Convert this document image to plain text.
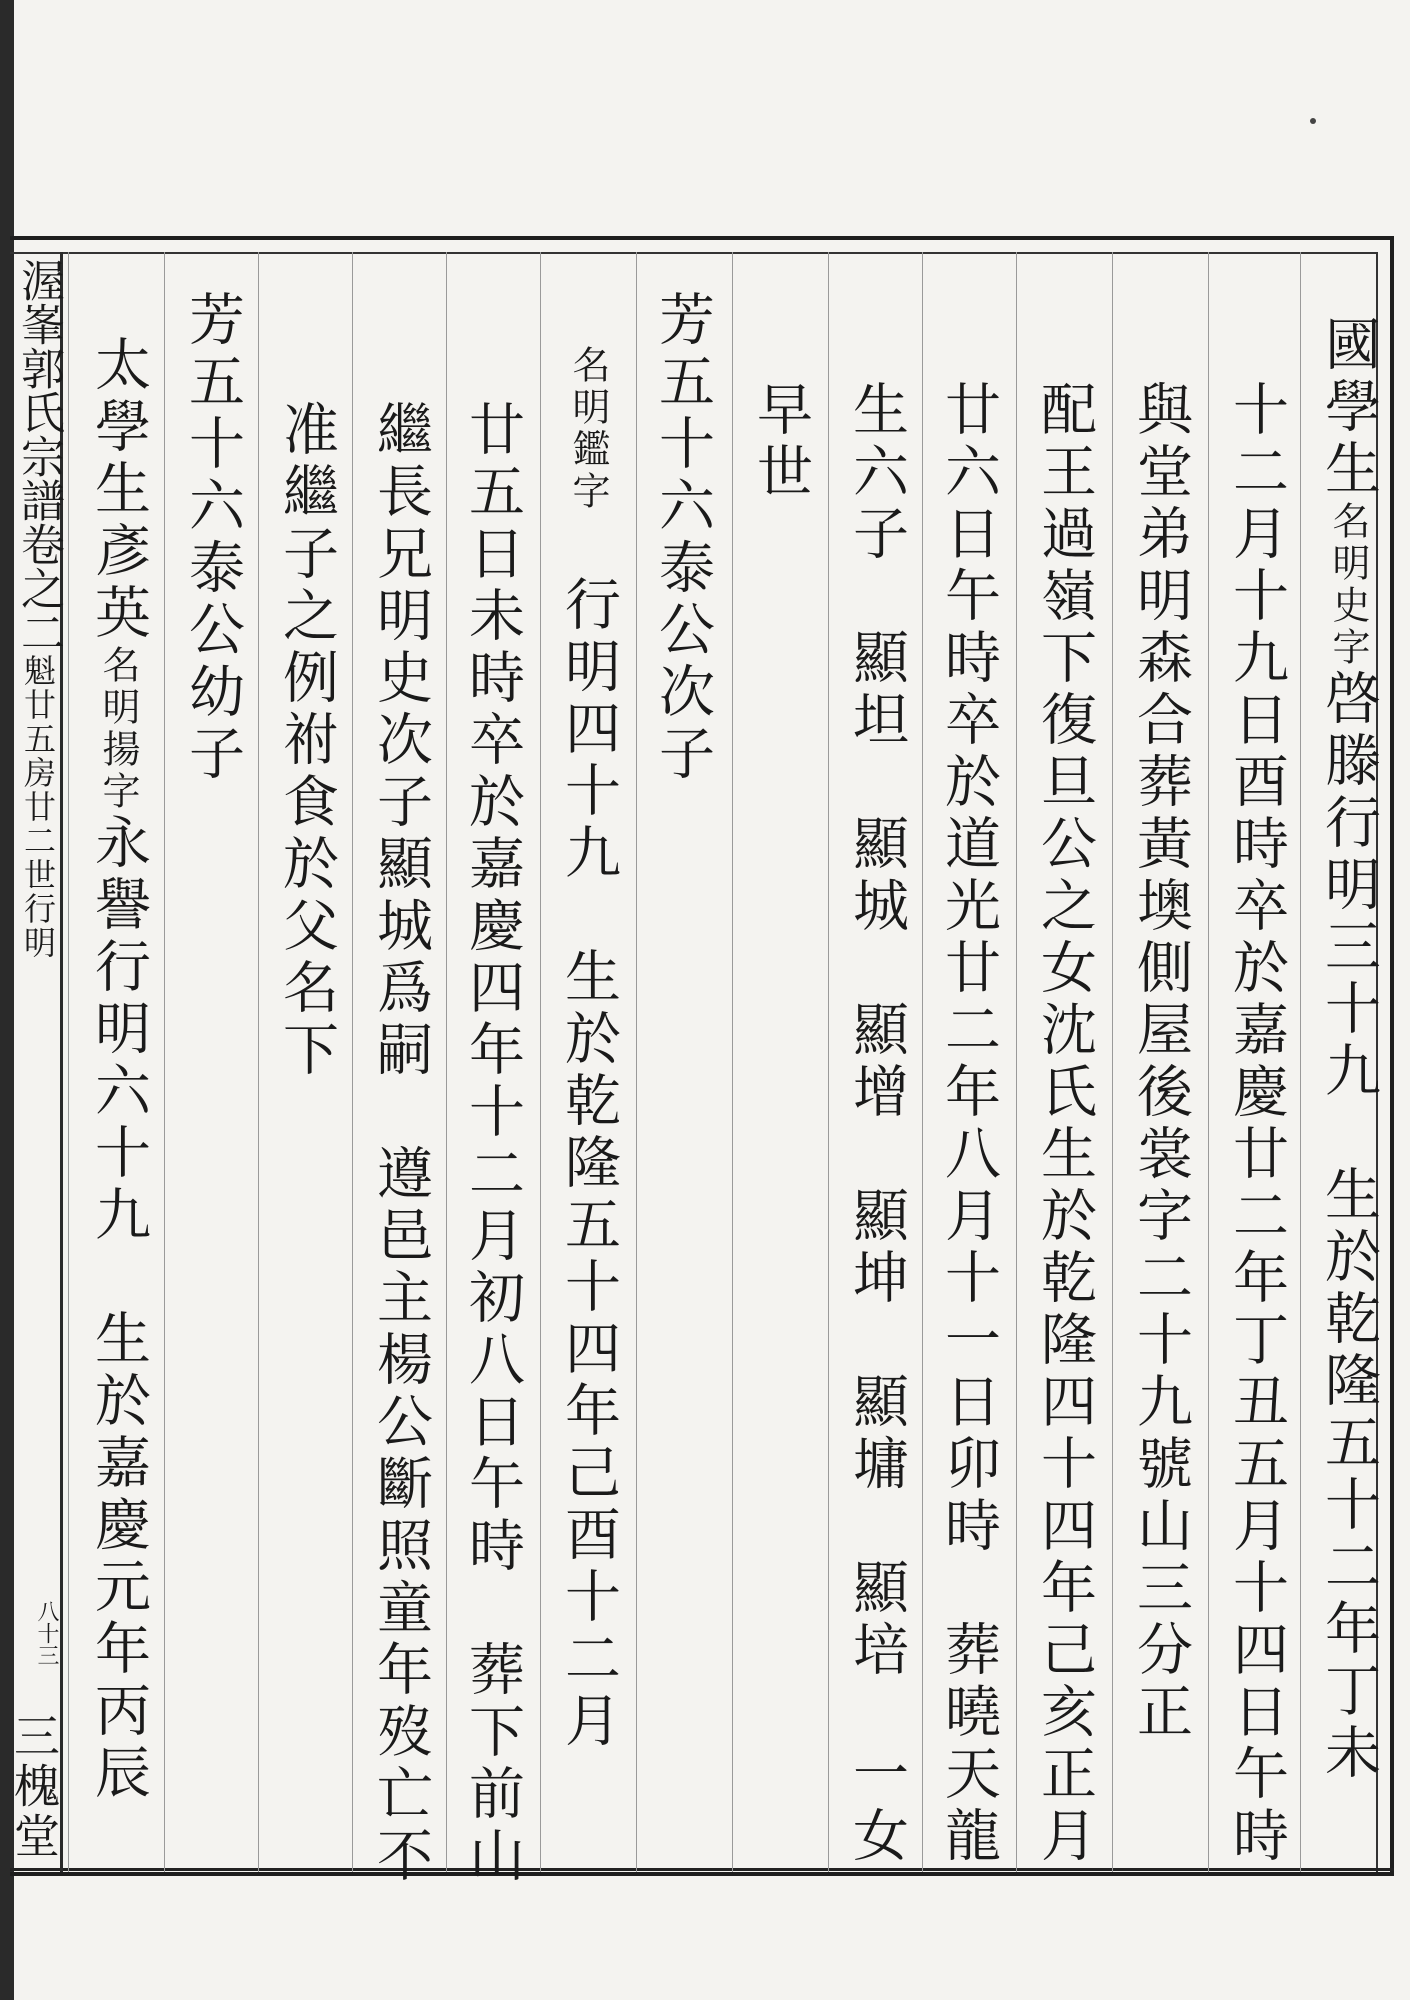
渥峯郭氏宗譜卷之二魁廿五房廿二世行明
八十三
三槐堂
國學生名明史字啓滕行明三十九　生於乾隆五十二年丁未
十二月十九日酉時卒於嘉慶廿二年丁丑五月十四日午時
與堂弟明森合葬黃墺側屋後裳字二十九號山三分正
配王過嶺下復旦公之女沈氏生於乾隆四十四年己亥正月
廿六日午時卒於道光廿二年八月十一日卯時　葬曉天龍
生六子　顯坦　顯城　顯增　顯坤　顯墉　顯培　一女
早世
芳五十六泰公次子
名明鑑字　行明四十九　生於乾隆五十四年己酉十二月
廿五日未時卒於嘉慶四年十二月初八日午時　葬下前山
繼長兄明史次子顯城爲嗣　遵邑主楊公斷照童年歿亡不
准繼子之例祔食於父名下
芳五十六泰公幼子
太學生彥英名明揚字永譽行明六十九　生於嘉慶元年丙辰
